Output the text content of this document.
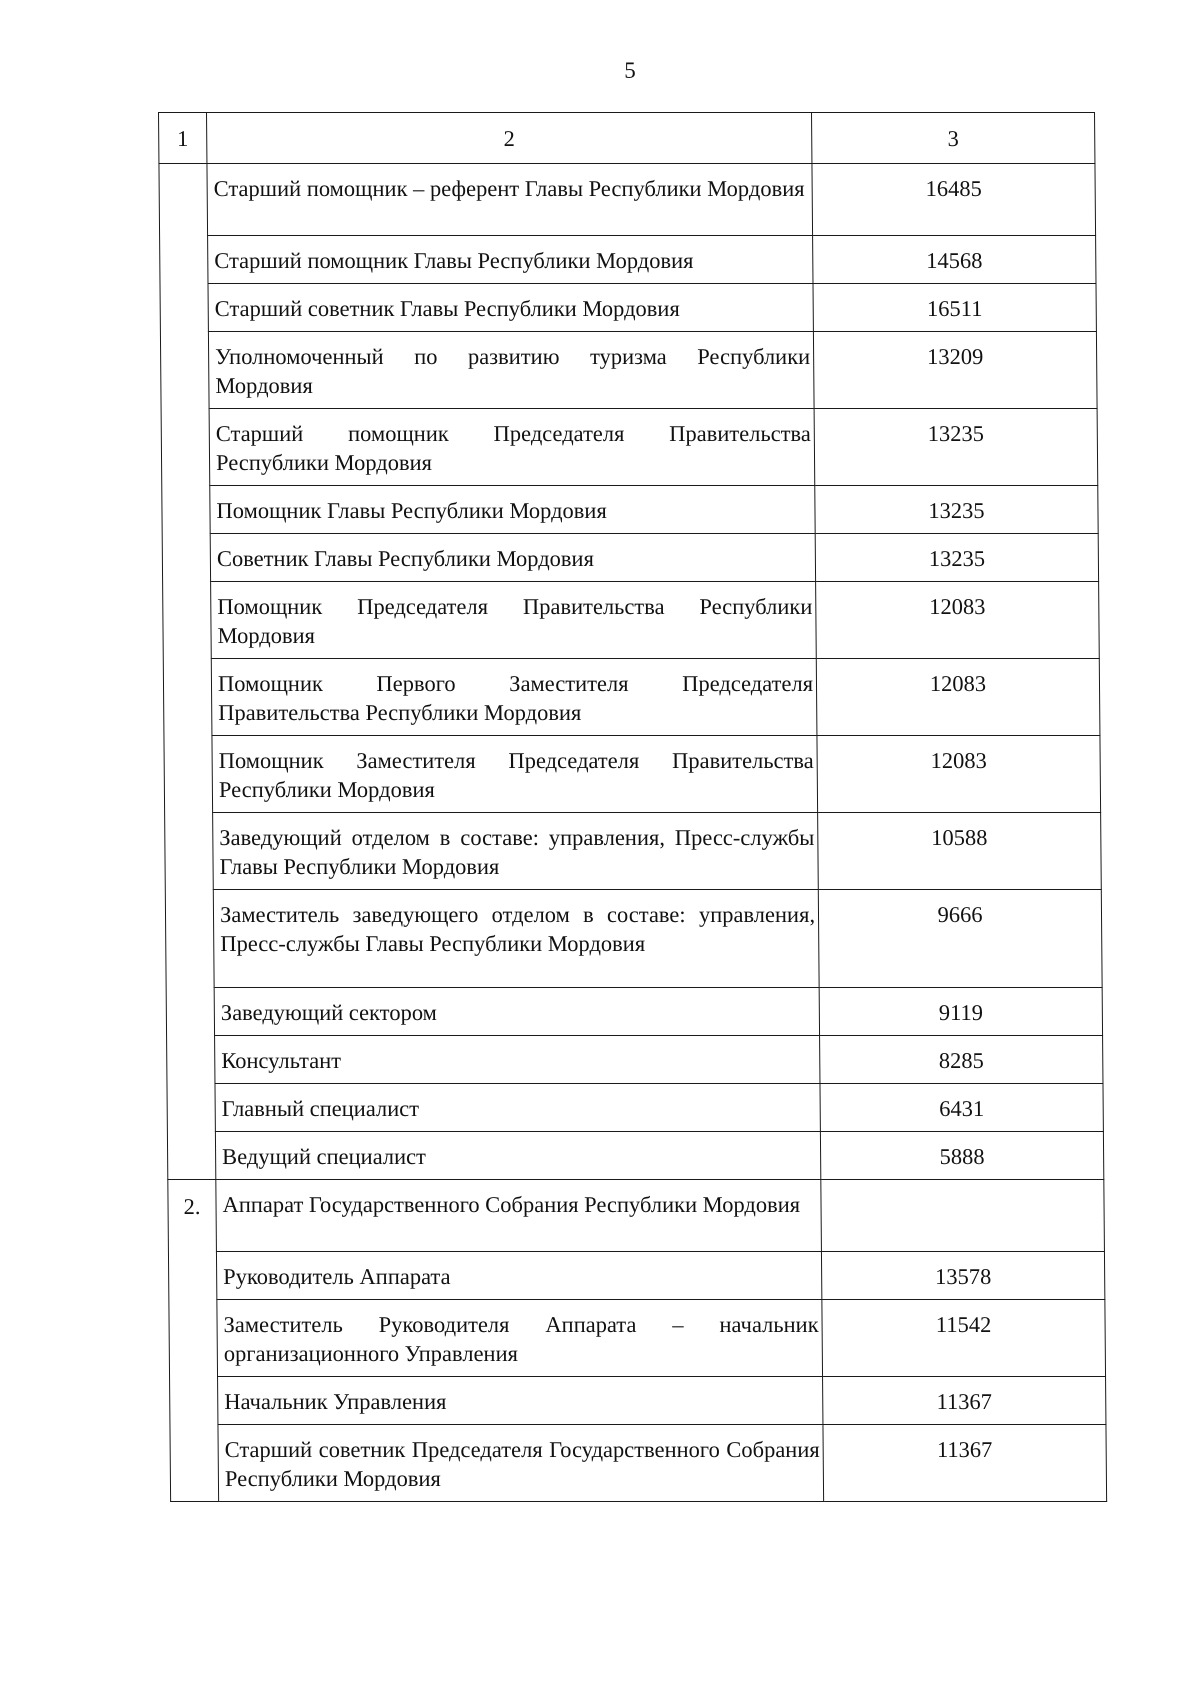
5
1	2	3
	Старший помощник – референт Главы Республики Мордовия	16485
	Старший помощник Главы Республики Мордовия	14568
	Старший советник Главы Республики Мордовия	16511
	Уполномоченный по развитию туризма Республики Мордовия	13209
	Старший помощник Председателя Правительства Республики Мордовия	13235
	Помощник Главы Республики Мордовия	13235
	Советник Главы Республики Мордовия	13235
	Помощник Председателя Правительства Республики Мордовия	12083
	Помощник Первого Заместителя Председателя Правительства Республики Мордовия	12083
	Помощник Заместителя Председателя Правительства Республики Мордовия	12083
	Заведующий отделом в составе: управления, Пресс-службы Главы Республики Мордовия	10588
	Заместитель заведующего отделом в составе: управления, Пресс-службы Главы Республики Мордовия	9666
	Заведующий сектором	9119
	Консультант	8285
	Главный специалист	6431
	Ведущий специалист	5888
2.	Аппарат Государственного Собрания Республики Мордовия	
	Руководитель Аппарата	13578
	Заместитель Руководителя Аппарата – начальник организационного Управления	11542
	Начальник Управления	11367
	Старший советник Председателя Государственного Собрания Республики Мордовия	11367
